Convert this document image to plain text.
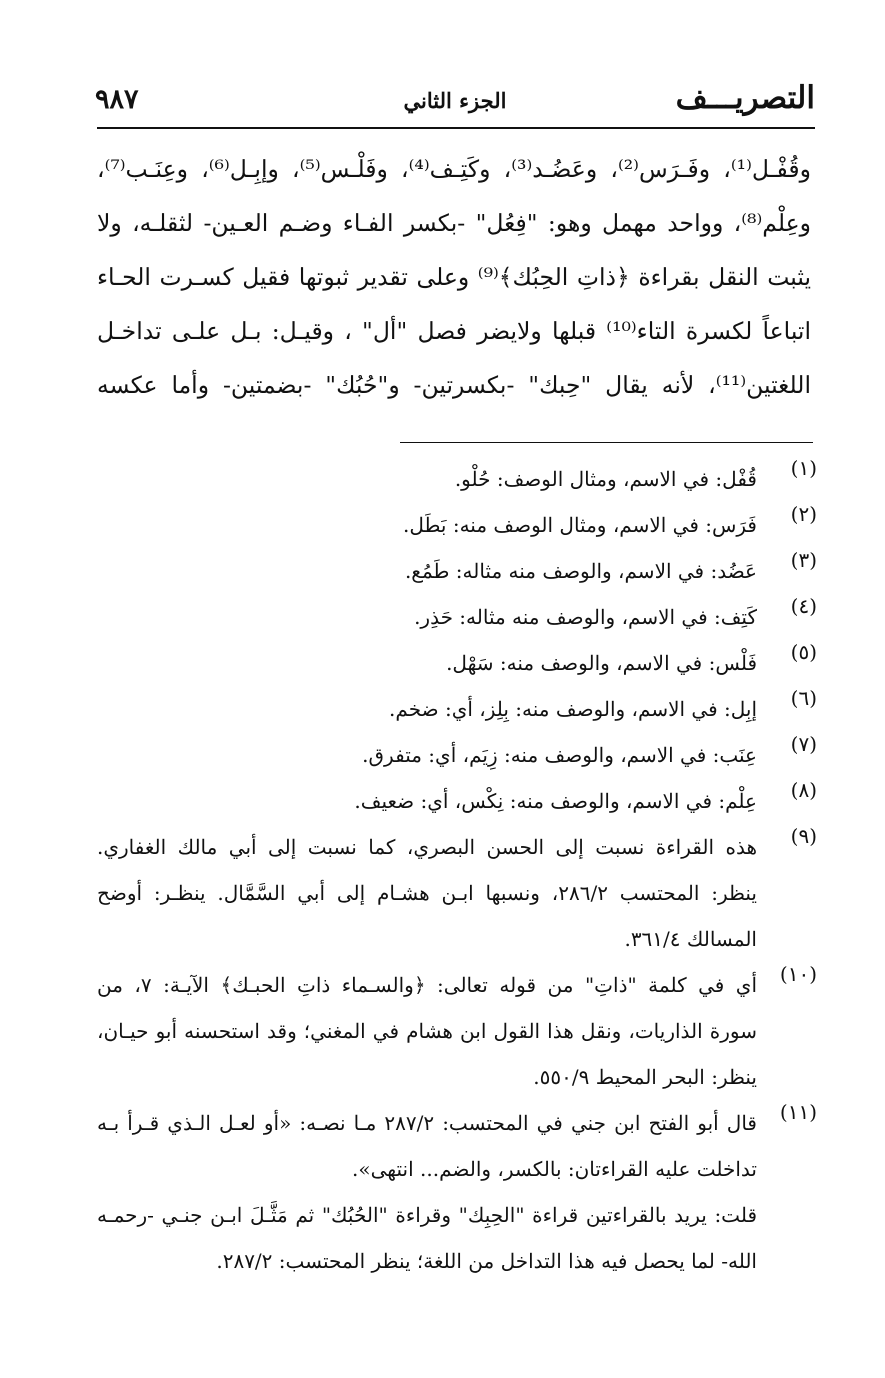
التصريـــف
الجزء الثاني
٩٨٧
وقُفْـل⁽¹⁾، وفَـرَس⁽²⁾، وعَضُـد⁽³⁾، وكَتِـف⁽⁴⁾، وفَلْـس⁽⁵⁾، وإبِـل⁽⁶⁾، وعِنَـب⁽⁷⁾،
وعِلْم⁽⁸⁾، وواحد مهمل وهو: "فِعُل" -بكسر الفـاء وضـم العـين- لثقلـه، ولا
يثبت النقل بقراءة ﴿ذاتِ الحِبُك﴾⁽⁹⁾ وعلى تقدير ثبوتها فقيل كسـرت الحـاء
اتباعاً لكسرة التاء⁽¹⁰⁾ قبلها ولايضر فصل "أل" ، وقيـل: بـل علـى تداخـل
اللغتين⁽¹¹⁾، لأنه يقال "حِبك" -بكسرتين- و"حُبُك" -بضمتين- وأما عكسه
(١)
قُفْل: في الاسم، ومثال الوصف: حُلْو.
(٢)
فَرَس: في الاسم، ومثال الوصف منه: بَطَل.
(٣)
عَضُد: في الاسم، والوصف منه مثاله: طَمُع.
(٤)
كَتِف: في الاسم، والوصف منه مثاله: حَذِر.
(٥)
فَلْس: في الاسم، والوصف منه: سَهْل.
(٦)
إبِل: في الاسم، والوصف منه: بِلِز، أي: ضخم.
(٧)
عِنَب: في الاسم، والوصف منه: زِيَم، أي: متفرق.
(٨)
عِلْم: في الاسم، والوصف منه: نِكْس، أي: ضعيف.
(٩)
هذه القراءة نسبت إلى الحسن البصري، كما نسبت إلى أبي مالك الغفاري.
ينظر: المحتسب ٢٨٦/٢، ونسبها ابـن هشـام إلى أبي السَّمَّال. ينظـر: أوضح
المسالك ٣٦١/٤.
(١٠)
أي في كلمة "ذاتِ" من قوله تعالى: ﴿والسـماء ذاتِ الحبـك﴾ الآيـة: ٧، من
سورة الذاريات، ونقل هذا القول ابن هشام في المغني؛ وقد استحسنه أبو حيـان،
ينظر: البحر المحيط ٥٥٠/٩.
(١١)
قال أبو الفتح ابن جني في المحتسب: ٢٨٧/٢ مـا نصـه: «أو لعـل الـذي قـرأ بـه
تداخلت عليه القراءتان: بالكسر، والضم... انتهى».
قلت: يريد بالقراءتين قراءة "الحِبِك" وقراءة "الحُبُك" ثم مَثَّـلَ ابـن جنـي -رحمـه
الله- لما يحصل فيه هذا التداخل من اللغة؛ ينظر المحتسب: ٢٨٧/٢.
